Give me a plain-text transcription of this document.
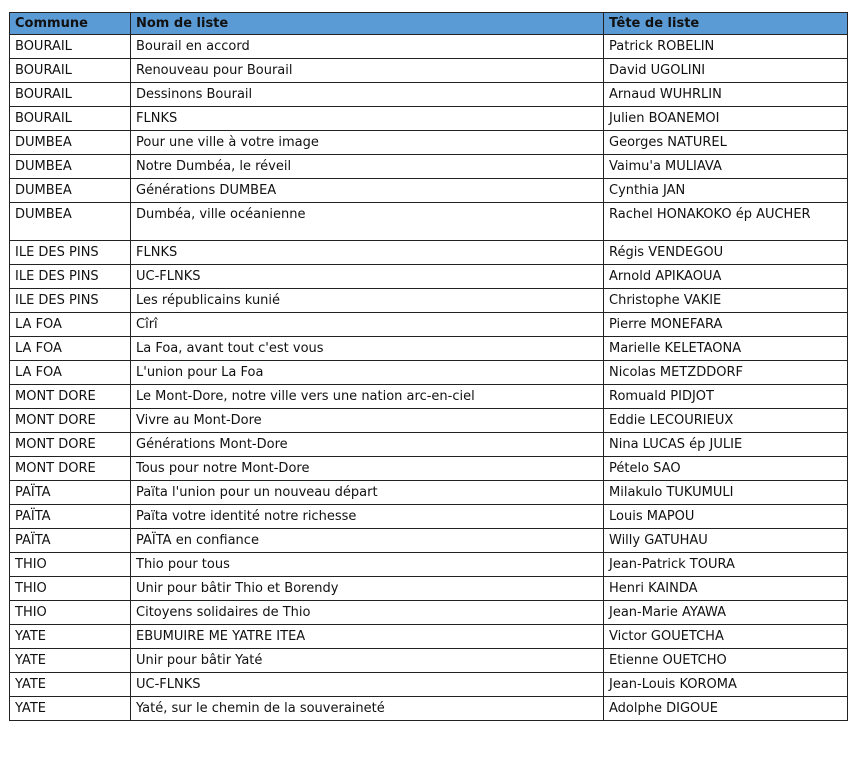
Commune	Nom de liste	Tête de liste
BOURAIL	Bourail en accord	Patrick ROBELIN
BOURAIL	Renouveau pour Bourail	David UGOLINI
BOURAIL	Dessinons Bourail	Arnaud WUHRLIN
BOURAIL	FLNKS	Julien BOANEMOI
DUMBEA	Pour une ville à votre image	Georges NATUREL
DUMBEA	Notre Dumbéa, le réveil	Vaimu'a MULIAVA
DUMBEA	Générations DUMBEA	Cynthia JAN
DUMBEA	Dumbéa, ville océanienne	Rachel HONAKOKO ép AUCHER
ILE DES PINS	FLNKS	Régis VENDEGOU
ILE DES PINS	UC-FLNKS	Arnold APIKAOUA
ILE DES PINS	Les républicains kunié	Christophe VAKIE
LA FOA	Cîrî	Pierre MONEFARA
LA FOA	La Foa, avant tout c'est vous	Marielle KELETAONA
LA FOA	L'union pour La Foa	Nicolas METZDDORF
MONT DORE	Le Mont-Dore, notre ville vers une nation arc-en-ciel	Romuald PIDJOT
MONT DORE	Vivre au Mont-Dore	Eddie LECOURIEUX
MONT DORE	Générations Mont-Dore	Nina LUCAS ép JULIE
MONT DORE	Tous pour notre Mont-Dore	Pételo SAO
PAÏTA	Païta l'union pour un nouveau départ	Milakulo TUKUMULI
PAÏTA	Païta votre identité notre richesse	Louis MAPOU
PAÏTA	PAÏTA en confiance	Willy GATUHAU
THIO	Thio pour tous	Jean-Patrick TOURA
THIO	Unir pour bâtir Thio et Borendy	Henri KAINDA
THIO	Citoyens solidaires de Thio	Jean-Marie AYAWA
YATE	EBUMUIRE ME YATRE ITEA	Victor GOUETCHA
YATE	Unir pour bâtir Yaté	Etienne OUETCHO
YATE	UC-FLNKS	Jean-Louis KOROMA
YATE	Yaté, sur le chemin de la souveraineté	Adolphe DIGOUE
